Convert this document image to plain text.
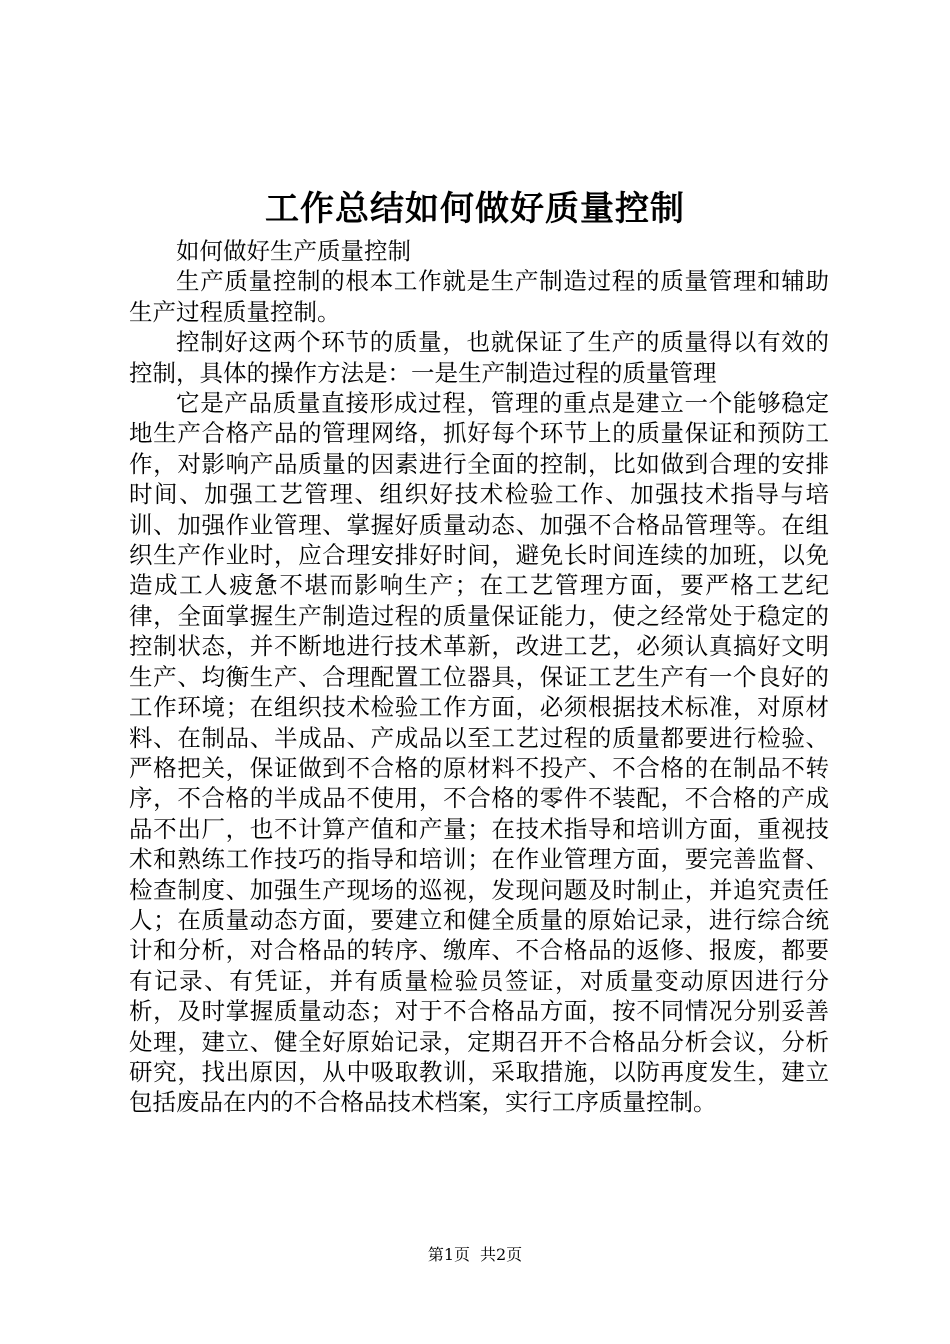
工作总结如何做好质量控制

如何做好生产质量控制

生产质量控制的根本工作就是生产制造过程的质量管理和辅助生产过程质量控制。

控制好这两个环节的质量，也就保证了生产的质量得以有效的控制，具体的操作方法是：一是生产制造过程的质量管理

它是产品质量直接形成过程，管理的重点是建立一个能够稳定地生产合格产品的管理网络，抓好每个环节上的质量保证和预防工作，对影响产品质量的因素进行全面的控制，比如做到合理的安排时间、加强工艺管理、组织好技术检验工作、加强技术指导与培训、加强作业管理、掌握好质量动态、加强不合格品管理等。在组织生产作业时，应合理安排好时间，避免长时间连续的加班，以免造成工人疲惫不堪而影响生产；在工艺管理方面，要严格工艺纪律，全面掌握生产制造过程的质量保证能力，使之经常处于稳定的控制状态，并不断地进行技术革新，改进工艺，必须认真搞好文明生产、均衡生产、合理配置工位器具，保证工艺生产有一个良好的工作环境；在组织技术检验工作方面，必须根据技术标准，对原材料、在制品、半成品、产成品以至工艺过程的质量都要进行检验、严格把关，保证做到不合格的原材料不投产、不合格的在制品不转序，不合格的半成品不使用，不合格的零件不装配，不合格的产成品不出厂，也不计算产值和产量；在技术指导和培训方面，重视技术和熟练工作技巧的指导和培训；在作业管理方面，要完善监督、检查制度、加强生产现场的巡视，发现问题及时制止，并追究责任人；在质量动态方面，要建立和健全质量的原始记录，进行综合统计和分析，对合格品的转序、缴库、不合格品的返修、报废，都要有记录、有凭证，并有质量检验员签证，对质量变动原因进行分析，及时掌握质量动态；对于不合格品方面，按不同情况分别妥善处理，建立、健全好原始记录，定期召开不合格品分析会议，分析研究，找出原因，从中吸取教训，采取措施，以防再度发生，建立包括废品在内的不合格品技术档案，实行工序质量控制。

第1页 共2页
